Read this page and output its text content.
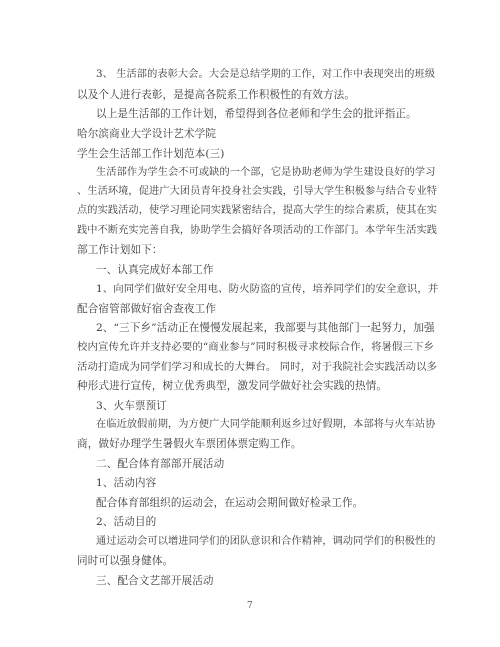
3、 生活部的表彰大会。大会是总结学期的工作，对工作中表现突出的班级
以及个人进行表彰，是提高各院系工作积极性的有效方法。
以上是生活部的工作计划，希望得到各位老师和学生会的批评指正。
哈尔滨商业大学设计艺术学院
学生会生活部工作计划范本(三)
生活部作为学生会不可或缺的一个部，它是协助老师为学生建设良好的学习
、生活环境，促进广大团员青年投身社会实践，引导大学生积极参与结合专业特
点的实践活动，使学习理论同实践紧密结合，提高大学生的综合素质，使其在实
践中不断充实完善自我，协助学生会搞好各项活动的工作部门。本学年生活实践
部工作计划如下：
一、认真完成好本部工作
1、向同学们做好安全用电、防火防盗的宣传，培养同学们的安全意识，并
配合宿管部做好宿舍查夜工作
2、“三下乡”活动正在慢慢发展起来，我部要与其他部门一起努力，加强
校内宣传允许并支持必要的“商业参与”同时积极寻求校际合作，将暑假三下乡
活动打造成为同学们学习和成长的大舞台。 同时，对于我院社会实践活动以多
种形式进行宣传，树立优秀典型，激发同学做好社会实践的热情。
3、火车票预订
在临近放假前期，为方便广大同学能顺利返乡过好假期，本部将与火车站协
商，做好办理学生暑假火车票团体票定购工作。
二、配合体育部部开展活动
1、活动内容
配合体育部组织的运动会，在运动会期间做好检录工作。
2、活动目的
通过运动会可以增进同学们的团队意识和合作精神，调动同学们的积极性的
同时可以强身健体。
三、配合文艺部开展活动
7
